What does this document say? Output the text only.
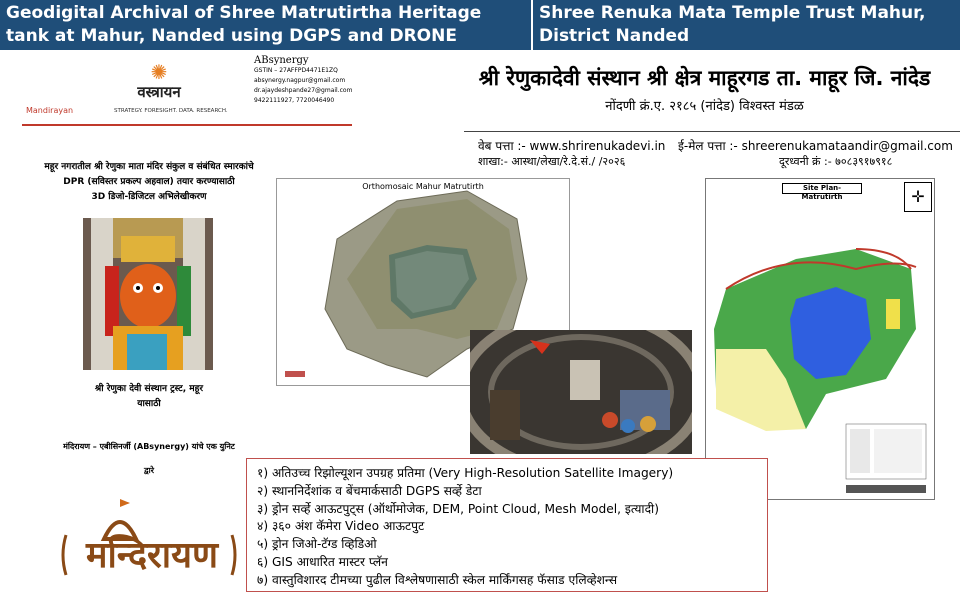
Geodigital Archival of Shree Matrutirtha Heritage tank at Mahur, Nanded using DGPS and DRONE survey
Shree Renuka Mata Temple Trust Mahur, District Nanded
Mandirayan
✺
वस्त्रायन
STRATEGY. FORESIGHT. DATA. RESEARCH.
ABsynergy
GSTIN – 27AFFPD4471E1ZQ
absynergy.nagpur@gmail.com
dr.ajaydeshpande27@gmail.com
9422111927, 7720046490
महूर नगरातील श्री रेणुका माता मंदिर संकुल व संबंधित स्मारकांचे
DPR (सविस्तर प्रकल्प अहवाल) तयार करण्यासाठी
3D डिजो-डिजिटल अभिलेखीकरण
श्री रेणुका देवी संस्थान ट्रस्ट, महूर
यासाठी
मंदिरायण – एबीसिनर्जी (ABsynergy) यांचे एक युनिट
द्वारे
मन्दिरायण
श्री रेणुकादेवी संस्थान श्री क्षेत्र माहूरगड ता. माहूर जि. नांदेड
नोंदणी क्रं.ए. २१८५ (नांदेड) विश्वस्त मंडळ
वेब पत्ता :- www.shrirenukadevi.in ई-मेल पत्ता :- shreerenukamataandir@gmail.com
शाखा:- आस्था/लेखा/रे.दे.सं./ /२०२६	दूरध्वनी क्रं :- ७०८३९१७९१८
Orthomosaic Mahur Matrutirth	Site Plan-Matrutirth	✛
१) अतिउच्च रिझोल्यूशन उपग्रह प्रतिमा (Very High-Resolution Satellite Imagery)
२) स्थाननिर्देशांक व बेंचमार्कसाठी DGPS सर्व्हे डेटा
३) ड्रोन सर्व्हे आऊटपुट्स (ऑर्थोमोजेक, DEM, Point Cloud, Mesh Model, इत्यादी)
४) ३६० अंश कॅमेरा Video आऊटपुट
५) ड्रोन जिओ-टॅग्ड व्हिडिओ
६) GIS आधारित मास्टर प्लॅन
७) वास्तुविशारद टीमच्या पुढील विश्लेषणासाठी स्केल मार्किंगसह फॅसाड एलिव्हेशन्स
